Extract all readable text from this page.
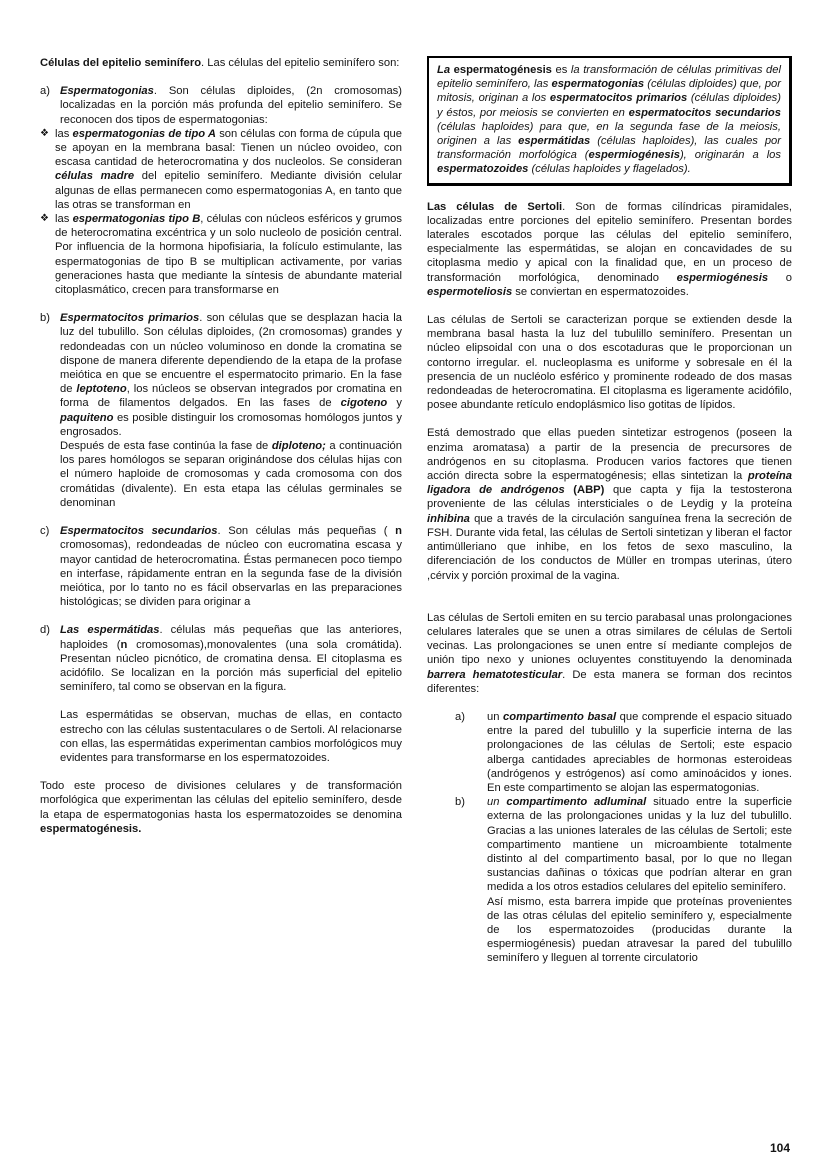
Células del epitelio seminífero. Las células del epitelio seminífero son:
a) Espermatogonias. Son células diploides, (2n cromosomas) localizadas en la porción más profunda del epitelio seminífero. Se reconocen dos tipos de espermatogonias:
❖ las espermatogonias de tipo A son células con forma de cúpula que se apoyan en la membrana basal: Tienen un núcleo ovoideo, con escasa cantidad de heterocromatina y dos nucleolos. Se consideran células madre del epitelio seminífero. Mediante división celular algunas de ellas permanecen como espermatogonias A, en tanto que las otras se transforman en
❖ las espermatogonias tipo B, células con núcleos esféricos y grumos de heterocromatina excéntrica y un solo nucleolo de posición central. Por influencia de la hormona hipofisiaria, la folículo estimulante, las espermatogonias de tipo B se multiplican activamente, por varias generaciones hasta que mediante la síntesis de abundante material citoplasmático, crecen para transformarse en
b) Espermatocitos primarios. son células que se desplazan hacia la luz del tubulillo. Son células diploides, (2n cromosomas) grandes y redondeadas con un núcleo voluminoso en donde la cromatina se dispone de manera diferente dependiendo de la etapa de la profase meiótica en que se encuentre el espermatocito primario. En la fase de leptoteno, los núcleos se observan integrados por cromatina en forma de filamentos delgados. En las fases de cigoteno y paquiteno es posible distinguir los cromosomas homólogos juntos y engrosados.
Después de esta fase continúa la fase de diploteno; a continuación los pares homólogos se separan originándose dos células hijas con el número haploide de cromosomas y cada cromosoma con dos cromátidas (divalente). En esta etapa las células germinales se denominan
c) Espermatocitos secundarios. Son células más pequeñas ( n cromosomas), redondeadas de núcleo con eucromatina escasa y mayor cantidad de heterocromatina. Éstas permanecen poco tiempo en interfase, rápidamente entran en la segunda fase de la división meiótica, por lo tanto no es fácil observarlas en las preparaciones histológicas; se dividen para originar a
d) Las espermátidas. células más pequeñas que las anteriores, haploides (n cromosomas),monovalentes (una sola cromátida). Presentan núcleo picnótico, de cromatina densa. El citoplasma es acidófilo. Se localizan en la porción más superficial del epitelio seminífero, tal como se observan en la figura.
Las espermátidas se observan, muchas de ellas, en contacto estrecho con las células sustentaculares o de Sertoli. Al relacionarse con ellas, las espermátidas experimentan cambios morfológicos muy evidentes para transformarse en los espermatozoides.
Todo este proceso de divisiones celulares y de transformación morfológica que experimentan las células del epitelio seminífero, desde la etapa de espermatogonias hasta los espermatozoides se denomina espermatogénesis.
La espermatogénesis es la transformación de células primitivas del epitelio seminífero, las espermatogonias (células diploides) que, por mitosis, originan a los espermatocitos primarios (células diploides) y éstos, por meiosis se convierten en espermatocitos secundarios (células haploides) para que, en la segunda fase de la meiosis, originen a las espermátidas (células haploides), las cuales por transformación morfológica (espermiogénesis), originarán a los espermatozoides (células haploides y flagelados).
Las células de Sertoli. Son de formas cilíndricas piramidales, localizadas entre porciones del epitelio seminífero. Presentan bordes laterales escotados porque las células del epitelio seminífero, especialmente las espermátidas, se alojan en concavidades de su citoplasma medio y apical con la finalidad que, en un proceso de transformación morfológica, denominado espermiogénesis o espermoteliosis se conviertan en espermatozoides.
Las células de Sertoli se caracterizan porque se extienden desde la membrana basal hasta la luz del tubulillo seminífero. Presentan un núcleo elipsoidal con una o dos escotaduras que le proporcionan un contorno irregular. el. nucleoplasma es uniforme y sobresale en él la presencia de un nucléolo esférico y prominente rodeado de dos masas redondeadas de heterocromatina. El citoplasma es ligeramente acidófilo, posee abundante retículo endoplásmico liso gotitas de lípidos.
Está demostrado que ellas pueden sintetizar estrogenos (poseen la enzima aromatasa) a partir de la presencia de precursores de andrógenos en su citoplasma. Producen varios factores que tienen acción directa sobre la espermatogénesis; ellas sintetizan la proteína ligadora de andrógenos (ABP) que capta y fija la testosterona proveniente de las células intersticiales o de Leydig y la proteína inhibina que a través de la circulación sanguínea frena la secreción de FSH. Durante vida fetal, las células de Sertoli sintetizan y liberan el factor antimülleriano que inhibe, en los fetos de sexo masculino, la diferenciación de los conductos de Müller en trompas uterinas, útero ,cérvix y porción proximal de la vagina.
Las células de Sertoli emiten en su tercio parabasal unas prolongaciones celulares laterales que se unen a otras similares de células de Sertoli vecinas. Las prolongaciones se unen entre sí mediante complejos de unión tipo nexo y uniones ocluyentes constituyendo la denominada barrera hematotesticular. De esta manera se forman dos recintos diferentes:
a) un compartimento basal que comprende el espacio situado entre la pared del tubulillo y la superficie interna de las prolongaciones de las células de Sertoli; este espacio alberga cantidades apreciables de hormonas esteroideas (andrógenos y estrógenos) así como aminoácidos y iones. En este compartimento se alojan las espermatogonias.
b) un compartimento adluminal situado entre la superficie externa de las prolongaciones unidas y la luz del tubulillo. Gracias a las uniones laterales de las células de Sertoli; este compartimento mantiene un microambiente totalmente distinto al del compartimento basal, por lo que no llegan sustancias dañinas o tóxicas que podrían alterar en gran medida a los otros estadios celulares del epitelio seminífero.
Así mismo, esta barrera impide que proteínas provenientes de las otras células del epitelio seminífero y, especialmente de los espermatozoides (producidas durante la espermiogénesis) puedan atravesar la pared del tubulillo seminífero y lleguen al torrente circulatorio
104
